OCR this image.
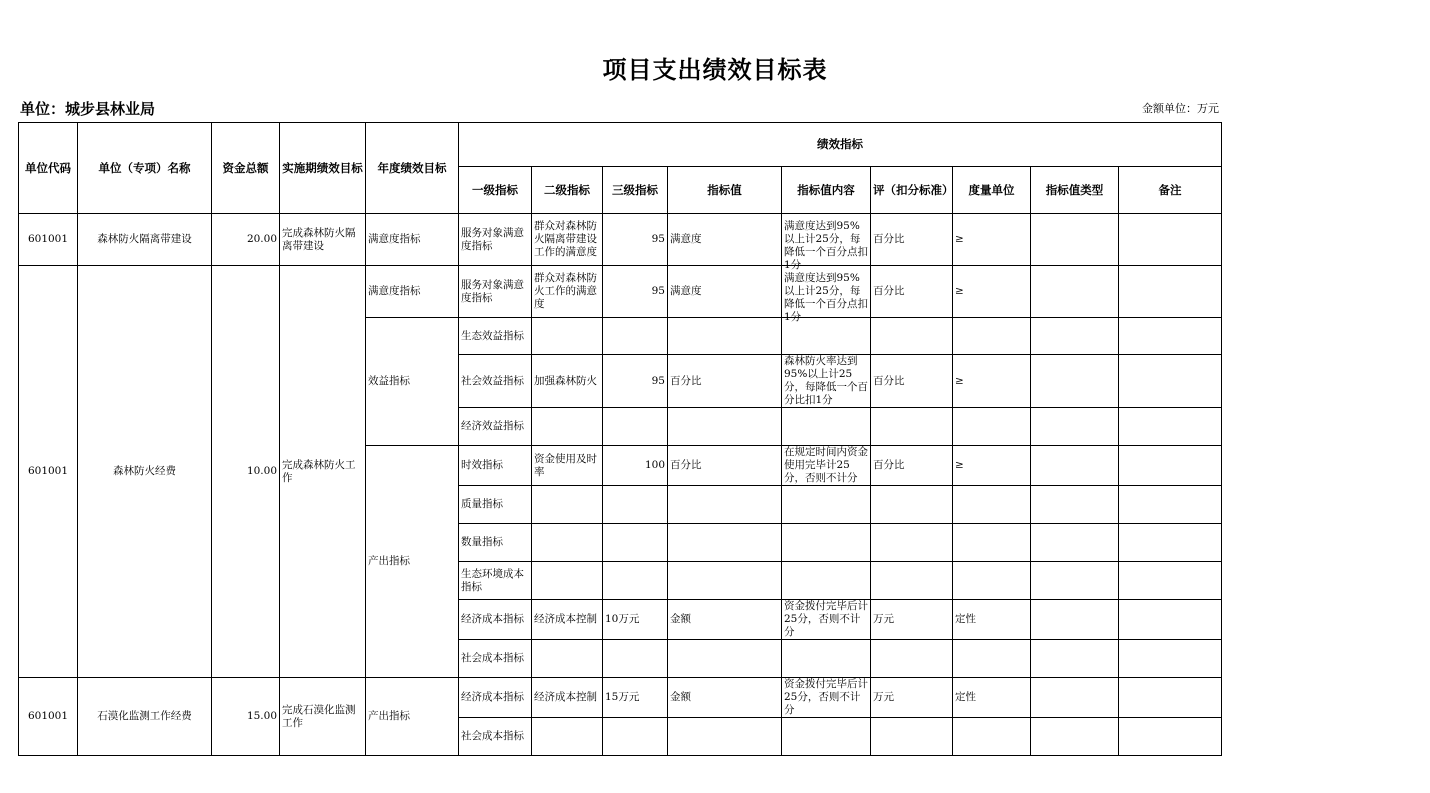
项目支出绩效目标表
单位：城步县林业局	金额单位：万元
单位代码	单位（专项）名称	资金总额	实施期绩效目标	年度绩效目标	绩效指标								
					一级指标	二级指标	三级指标	指标值	指标值内容	评（扣分标准）	度量单位	指标值类型	备注
601001	森林防火隔离带建设	20.00	完成森林防火隔离带建设	满意度指标	服务对象满意度指标	群众对森林防火隔离带建设工作的满意度	95	满意度	满意度达到95%以上计25分，每降低一个百分点扣1分	百分比	≥		
601001	森林防火经费	10.00	完成森林防火工作	满意度指标	服务对象满意度指标	群众对森林防火工作的满意度	95	满意度	满意度达到95%以上计25分，每降低一个百分点扣1分	百分比	≥		
				效益指标	生态效益指标								
					社会效益指标	加强森林防火	95	百分比	森林防火率达到95%以上计25分，每降低一个百分比扣1分	百分比	≥		
					经济效益指标								
				产出指标	时效指标	资金使用及时率	100	百分比	在规定时间内资金使用完毕计25分，否则不计分	百分比	≥		
					质量指标								
					数量指标								
					生态环境成本指标								
					经济成本指标	经济成本控制	10万元	金额	资金拨付完毕后计25分，否则不计分	万元	定性		
					社会成本指标								
601001	石漠化监测工作经费	15.00	完成石漠化监测工作	产出指标	经济成本指标	经济成本控制	15万元	金额	资金拨付完毕后计25分，否则不计分	万元	定性		
					社会成本指标								
